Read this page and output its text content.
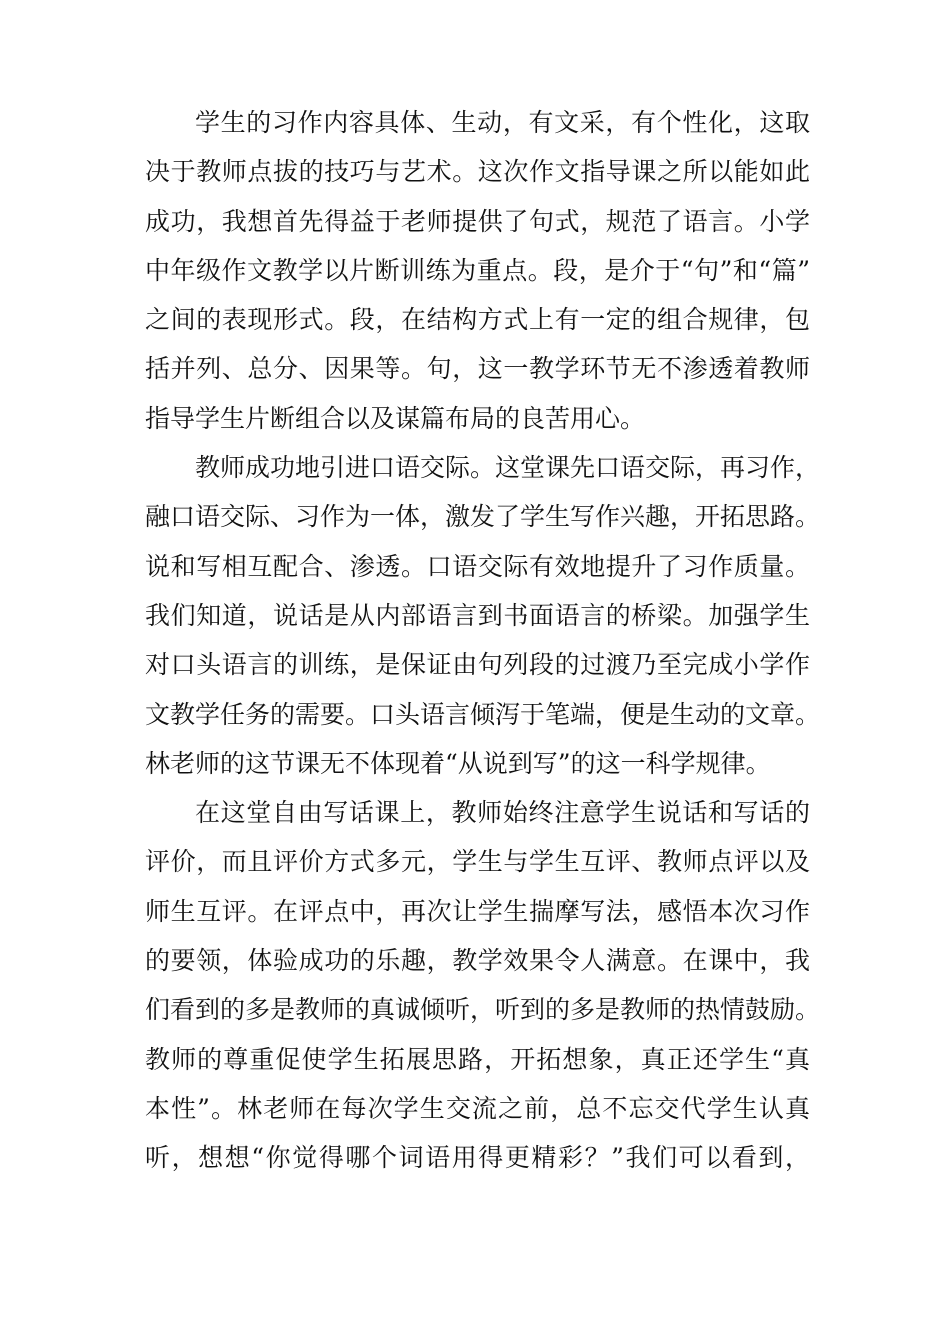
学生的习作内容具体、生动，有文采，有个性化，这取
决于教师点拔的技巧与艺术。这次作文指导课之所以能如此
成功，我想首先得益于老师提供了句式，规范了语言。小学
中年级作文教学以片断训练为重点。段，是介于“句”和“篇”
之间的表现形式。段，在结构方式上有一定的组合规律，包
括并列、总分、因果等。句，这一教学环节无不渗透着教师
指导学生片断组合以及谋篇布局的良苦用心。
教师成功地引进口语交际。这堂课先口语交际，再习作，
融口语交际、习作为一体，激发了学生写作兴趣，开拓思路。
说和写相互配合、渗透。口语交际有效地提升了习作质量。
我们知道，说话是从内部语言到书面语言的桥梁。加强学生
对口头语言的训练，是保证由句列段的过渡乃至完成小学作
文教学任务的需要。口头语言倾泻于笔端，便是生动的文章。
林老师的这节课无不体现着“从说到写”的这一科学规律。
在这堂自由写话课上，教师始终注意学生说话和写话的
评价，而且评价方式多元，学生与学生互评、教师点评以及
师生互评。在评点中，再次让学生揣摩写法，感悟本次习作
的要领，体验成功的乐趣，教学效果令人满意。在课中，我
们看到的多是教师的真诚倾听，听到的多是教师的热情鼓励。
教师的尊重促使学生拓展思路，开拓想象，真正还学生“真
本性”。林老师在每次学生交流之前，总不忘交代学生认真
听，想想“你觉得哪个词语用得更精彩？”我们可以看到，
